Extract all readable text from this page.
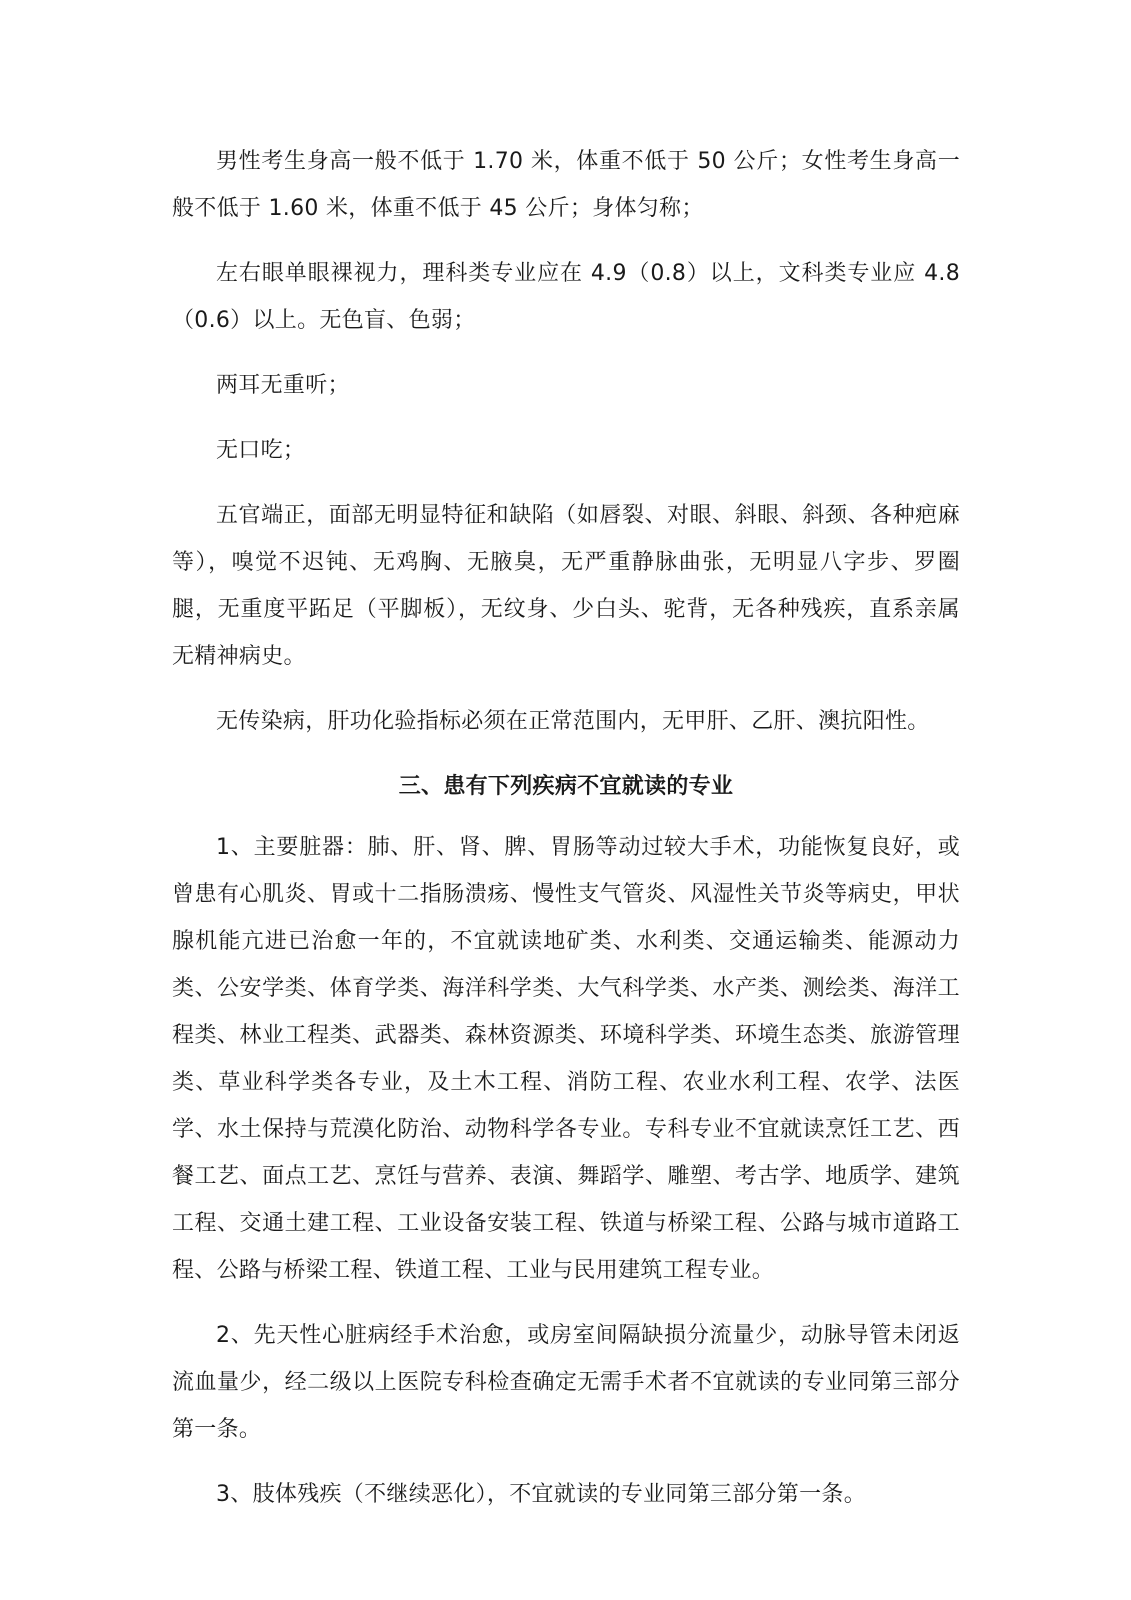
男性考生身高一般不低于 1.70 米，体重不低于 50 公斤；女性考生身高一般不低于 1.60 米，体重不低于 45 公斤；身体匀称；

左右眼单眼裸视力，理科类专业应在 4.9（0.8）以上，文科类专业应 4.8（0.6）以上。无色盲、色弱；

两耳无重听；

无口吃；

五官端正，面部无明显特征和缺陷（如唇裂、对眼、斜眼、斜颈、各种疤麻等），嗅觉不迟钝、无鸡胸、无腋臭，无严重静脉曲张，无明显八字步、罗圈腿，无重度平跖足（平脚板），无纹身、少白头、驼背，无各种残疾，直系亲属无精神病史。

无传染病，肝功化验指标必须在正常范围内，无甲肝、乙肝、澳抗阳性。

三、患有下列疾病不宜就读的专业

1、主要脏器：肺、肝、肾、脾、胃肠等动过较大手术，功能恢复良好，或曾患有心肌炎、胃或十二指肠溃疡、慢性支气管炎、风湿性关节炎等病史，甲状腺机能亢进已治愈一年的，不宜就读地矿类、水利类、交通运输类、能源动力类、公安学类、体育学类、海洋科学类、大气科学类、水产类、测绘类、海洋工程类、林业工程类、武器类、森林资源类、环境科学类、环境生态类、旅游管理类、草业科学类各专业，及土木工程、消防工程、农业水利工程、农学、法医学、水土保持与荒漠化防治、动物科学各专业。专科专业不宜就读烹饪工艺、西餐工艺、面点工艺、烹饪与营养、表演、舞蹈学、雕塑、考古学、地质学、建筑工程、交通土建工程、工业设备安装工程、铁道与桥梁工程、公路与城市道路工程、公路与桥梁工程、铁道工程、工业与民用建筑工程专业。

2、先天性心脏病经手术治愈，或房室间隔缺损分流量少，动脉导管未闭返流血量少，经二级以上医院专科检查确定无需手术者不宜就读的专业同第三部分第一条。

3、肢体残疾（不继续恶化），不宜就读的专业同第三部分第一条。
